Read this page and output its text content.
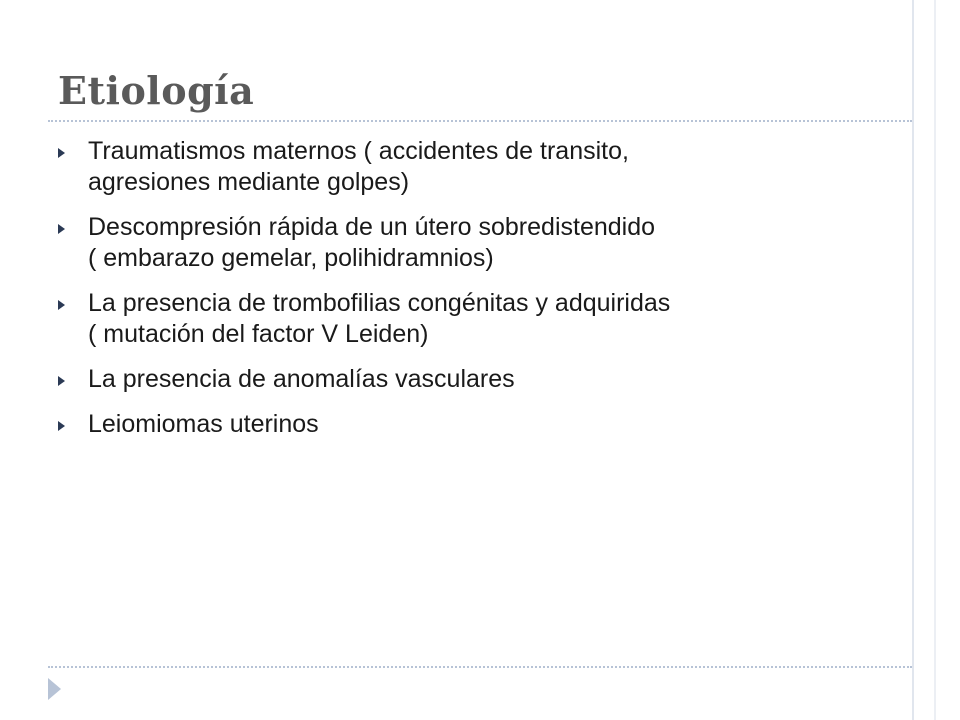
Etiología
Traumatismos maternos ( accidentes de transito,
agresiones mediante golpes)
Descompresión rápida de un útero sobredistendido
( embarazo gemelar, polihidramnios)
La presencia de trombofilias congénitas y adquiridas
( mutación del factor V Leiden)
La presencia de anomalías vasculares
Leiomiomas uterinos
